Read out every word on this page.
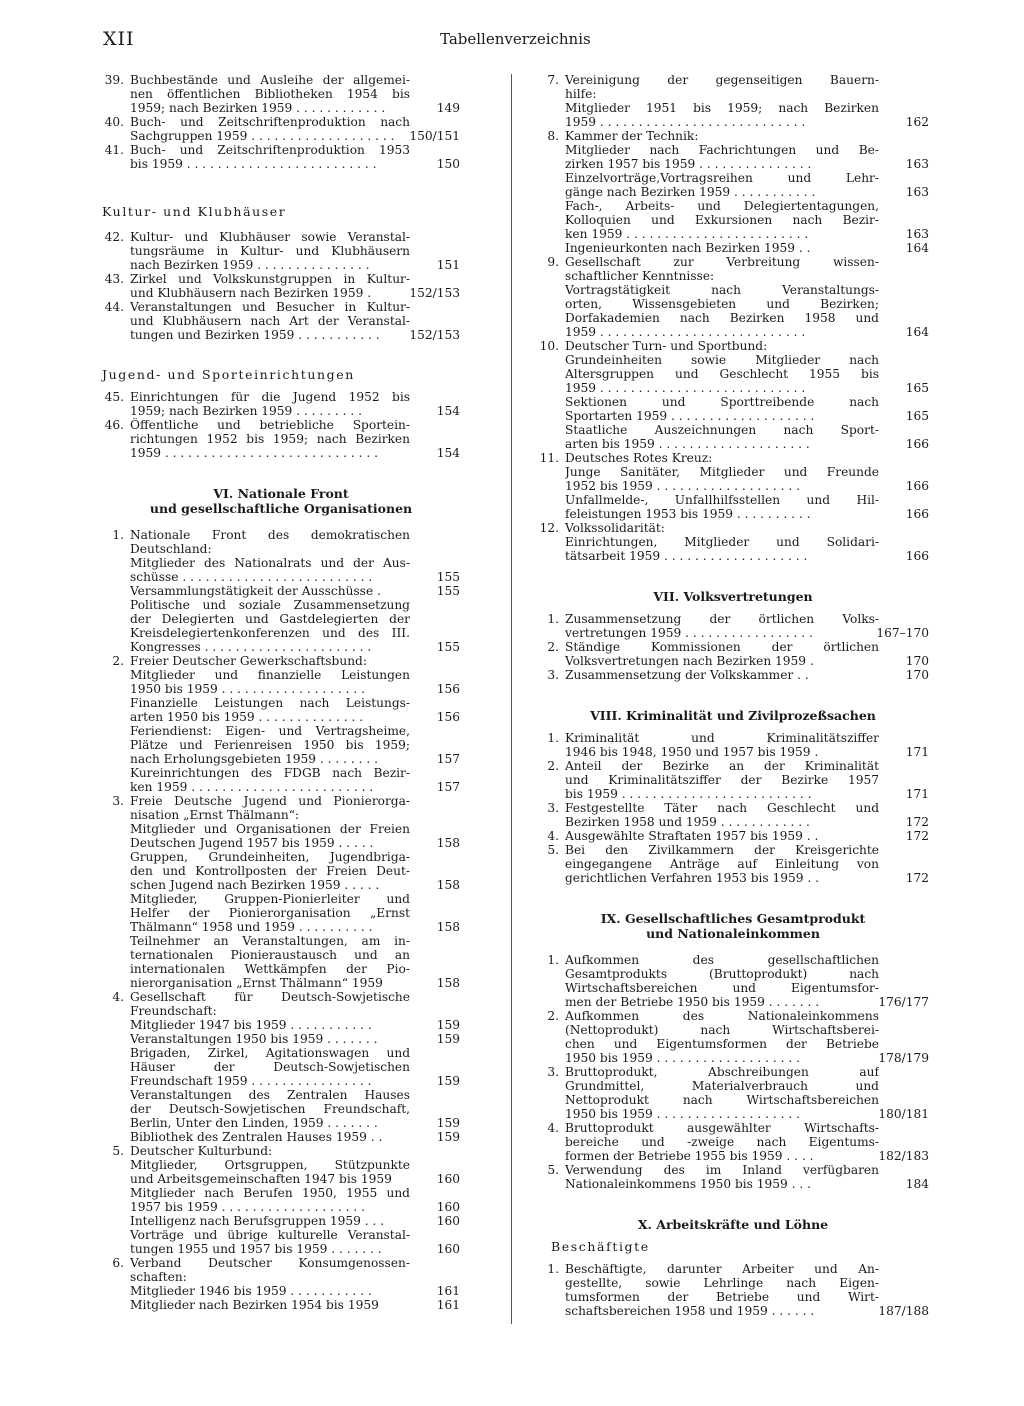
XII	Tabellenverzeichnis
39. Buchbestände und Ausleihe der allgemei-
nen öffentlichen Bibliotheken 1954 bis
1959; nach Bezirken 1959 . . . . . . . . . . . .	149
40. Buch- und Zeitschriftenproduktion nach
Sachgruppen 1959 . . . . . . . . . . . . . . . . . . .	150/151
41. Buch- und Zeitschriftenproduktion 1953
bis 1959 . . . . . . . . . . . . . . . . . . . . . . . . .	150
Kultur- und Klubhäuser
42. Kultur- und Klubhäuser sowie Veranstal-
tungsräume in Kultur- und Klubhäusern
nach Bezirken 1959 . . . . . . . . . . . . . . .	151
43. Zirkel und Volkskunstgruppen in Kultur-
und Klubhäusern nach Bezirken 1959 .	152/153
44. Veranstaltungen und Besucher in Kultur-
und Klubhäusern nach Art der Veranstal-
tungen und Bezirken 1959 . . . . . . . . . . .	152/153
Jugend- und Sporteinrichtungen
45. Einrichtungen für die Jugend 1952 bis
1959; nach Bezirken 1959 . . . . . . . . .	154
46. Öffentliche und betriebliche Sportein-
richtungen 1952 bis 1959; nach Bezirken
1959 . . . . . . . . . . . . . . . . . . . . . . . . . . . .	154
VI. Nationale Front
und gesellschaftliche Organisationen
1. Nationale Front des demokratischen
Deutschland:
Mitglieder des Nationalrats und der Aus-
schüsse . . . . . . . . . . . . . . . . . . . . . . . . .	155
Versammlungstätigkeit der Ausschüsse .	155
Politische und soziale Zusammensetzung
der Delegierten und Gastdelegierten der
Kreisdelegiertenkonferenzen und des III.
Kongresses . . . . . . . . . . . . . . . . . . . . . .	155
2. Freier Deutscher Gewerkschaftsbund:
Mitglieder und finanzielle Leistungen
1950 bis 1959 . . . . . . . . . . . . . . . . . . .	156
Finanzielle Leistungen nach Leistungs-
arten 1950 bis 1959 . . . . . . . . . . . . . .	156
Feriendienst: Eigen- und Vertragsheime,
Plätze und Ferienreisen 1950 bis 1959;
nach Erholungsgebieten 1959 . . . . . . . .	157
Kureinrichtungen des FDGB nach Bezir-
ken 1959 . . . . . . . . . . . . . . . . . . . . . . . .	157
3. Freie Deutsche Jugend und Pionierorga-
nisation „Ernst Thälmann“:
Mitglieder und Organisationen der Freien
Deutschen Jugend 1957 bis 1959 . . . . .	158
Gruppen, Grundeinheiten, Jugendbriga-
den und Kontrollposten der Freien Deut-
schen Jugend nach Bezirken 1959 . . . . .	158
Mitglieder, Gruppen-Pionierleiter und
Helfer der Pionierorganisation „Ernst
Thälmann“ 1958 und 1959 . . . . . . . . . .	158
Teilnehmer an Veranstaltungen, am in-
ternationalen Pionieraustausch und an
internationalen Wettkämpfen der Pio-
nierorganisation „Ernst Thälmann“ 1959	158
4. Gesellschaft für Deutsch-Sowjetische
Freundschaft:
Mitglieder 1947 bis 1959 . . . . . . . . . . .	159
Veranstaltungen 1950 bis 1959 . . . . . . .	159
Brigaden, Zirkel, Agitationswagen und
Häuser der Deutsch-Sowjetischen
Freundschaft 1959 . . . . . . . . . . . . . . . .	159
Veranstaltungen des Zentralen Hauses
der Deutsch-Sowjetischen Freundschaft,
Berlin, Unter den Linden, 1959 . . . . . . .	159
Bibliothek des Zentralen Hauses 1959 . .	159
5. Deutscher Kulturbund:
Mitglieder, Ortsgruppen, Stützpunkte
und Arbeitsgemeinschaften 1947 bis 1959	160
Mitglieder nach Berufen 1950, 1955 und
1957 bis 1959 . . . . . . . . . . . . . . . . . . .	160
Intelligenz nach Berufsgruppen 1959 . . .	160
Vorträge und übrige kulturelle Veranstal-
tungen 1955 und 1957 bis 1959 . . . . . . .	160
6. Verband Deutscher Konsumgenossen-
schaften:
Mitglieder 1946 bis 1959 . . . . . . . . . . .	161
Mitglieder nach Bezirken 1954 bis 1959	161
7. Vereinigung der gegenseitigen Bauern-
hilfe:
Mitglieder 1951 bis 1959; nach Bezirken
1959 . . . . . . . . . . . . . . . . . . . . . . . . . . .	162
8. Kammer der Technik:
Mitglieder nach Fachrichtungen und Be-
zirken 1957 bis 1959 . . . . . . . . . . . . . . .	163
Einzelvorträge,Vortragsreihen und Lehr-
gänge nach Bezirken 1959 . . . . . . . . . . .	163
Fach-, Arbeits- und Delegiertentagungen,
Kolloquien und Exkursionen nach Bezir-
ken 1959 . . . . . . . . . . . . . . . . . . . . . . . .	163
Ingenieurkonten nach Bezirken 1959 . .	164
9. Gesellschaft zur Verbreitung wissen-
schaftlicher Kenntnisse:
Vortragstätigkeit nach Veranstaltungs-
orten, Wissensgebieten und Bezirken;
Dorfakademien nach Bezirken 1958 und
1959 . . . . . . . . . . . . . . . . . . . . . . . . . . .	164
10. Deutscher Turn- und Sportbund:
Grundeinheiten sowie Mitglieder nach
Altersgruppen und Geschlecht 1955 bis
1959 . . . . . . . . . . . . . . . . . . . . . . . . . . .	165
Sektionen und Sporttreibende nach
Sportarten 1959 . . . . . . . . . . . . . . . . . . .	165
Staatliche Auszeichnungen nach Sport-
arten bis 1959 . . . . . . . . . . . . . . . . . . . .	166
11. Deutsches Rotes Kreuz:
Junge Sanitäter, Mitglieder und Freunde
1952 bis 1959 . . . . . . . . . . . . . . . . . . .	166
Unfallmelde-, Unfallhilfsstellen und Hil-
feleistungen 1953 bis 1959 . . . . . . . . . .	166
12. Volkssolidarität:
Einrichtungen, Mitglieder und Solidari-
tätsarbeit 1959 . . . . . . . . . . . . . . . . . . .	166
VII. Volksvertretungen
1. Zusammensetzung der örtlichen Volks-
vertretungen 1959 . . . . . . . . . . . . . . . . .	167–170
2. Ständige Kommissionen der örtlichen
Volksvertretungen nach Bezirken 1959 .	170
3. Zusammensetzung der Volkskammer . .	170
VIII. Kriminalität und Zivilprozeßsachen
1. Kriminalität und Kriminalitätsziffer
1946 bis 1948, 1950 und 1957 bis 1959 .	171
2. Anteil der Bezirke an der Kriminalität
und Kriminalitätsziffer der Bezirke 1957
bis 1959 . . . . . . . . . . . . . . . . . . . . . . . . .	171
3. Festgestellte Täter nach Geschlecht und
Bezirken 1958 und 1959 . . . . . . . . . . . .	172
4. Ausgewählte Straftaten 1957 bis 1959 . .	172
5. Bei den Zivilkammern der Kreisgerichte
eingegangene Anträge auf Einleitung von
gerichtlichen Verfahren 1953 bis 1959 . .	172
IX. Gesellschaftliches Gesamtprodukt
und Nationaleinkommen
1. Aufkommen des gesellschaftlichen
Gesamtprodukts (Bruttoprodukt) nach
Wirtschaftsbereichen und Eigentumsfor-
men der Betriebe 1950 bis 1959 . . . . . . .	176/177
2. Aufkommen des Nationaleinkommens
(Nettoprodukt) nach Wirtschaftsberei-
chen und Eigentumsformen der Betriebe
1950 bis 1959 . . . . . . . . . . . . . . . . . . .	178/179
3. Bruttoprodukt, Abschreibungen auf
Grundmittel, Materialverbrauch und
Nettoprodukt nach Wirtschaftsbereichen
1950 bis 1959 . . . . . . . . . . . . . . . . . . .	180/181
4. Bruttoprodukt ausgewählter Wirtschafts-
bereiche und -zweige nach Eigentums-
formen der Betriebe 1955 bis 1959 . . . .	182/183
5. Verwendung des im Inland verfügbaren
Nationaleinkommens 1950 bis 1959 . . .	184
X. Arbeitskräfte und Löhne
Beschäftigte
1. Beschäftigte, darunter Arbeiter und An-
gestellte, sowie Lehrlinge nach Eigen-
tumsformen der Betriebe und Wirt-
schaftsbereichen 1958 und 1959 . . . . . .	187/188
